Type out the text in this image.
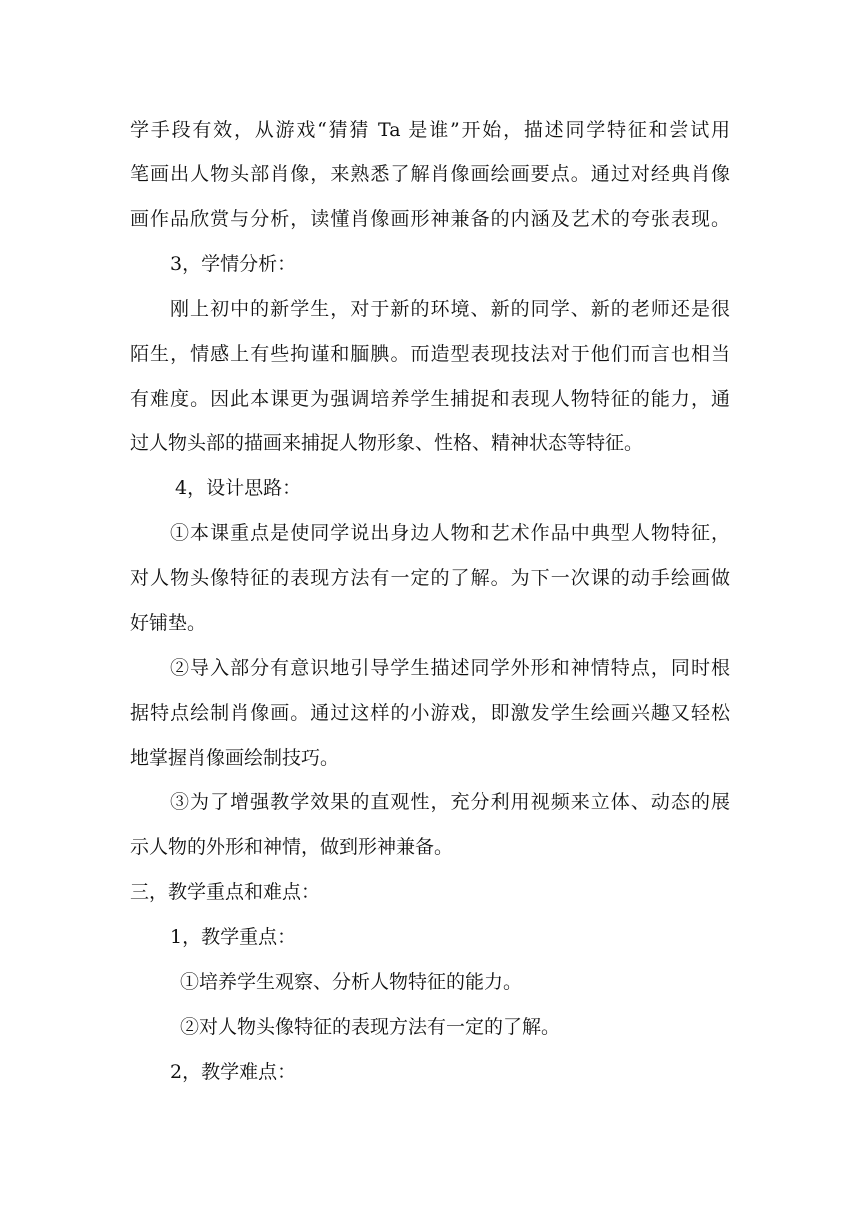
学手段有效，从游戏“猜猜 Ta 是谁”开始，描述同学特征和尝试用
笔画出人物头部肖像，来熟悉了解肖像画绘画要点。通过对经典肖像
画作品欣赏与分析，读懂肖像画形神兼备的内涵及艺术的夸张表现。
3，学情分析：
刚上初中的新学生，对于新的环境、新的同学、新的老师还是很
陌生，情感上有些拘谨和腼腆。而造型表现技法对于他们而言也相当
有难度。因此本课更为强调培养学生捕捉和表现人物特征的能力，通
过人物头部的描画来捕捉人物形象、性格、精神状态等特征。
4，设计思路：
①本课重点是使同学说出身边人物和艺术作品中典型人物特征，
对人物头像特征的表现方法有一定的了解。为下一次课的动手绘画做
好铺垫。
②导入部分有意识地引导学生描述同学外形和神情特点，同时根
据特点绘制肖像画。通过这样的小游戏，即激发学生绘画兴趣又轻松
地掌握肖像画绘制技巧。
③为了增强教学效果的直观性，充分利用视频来立体、动态的展
示人物的外形和神情，做到形神兼备。
三，教学重点和难点：
1，教学重点：
①培养学生观察、分析人物特征的能力。
②对人物头像特征的表现方法有一定的了解。
2，教学难点：
